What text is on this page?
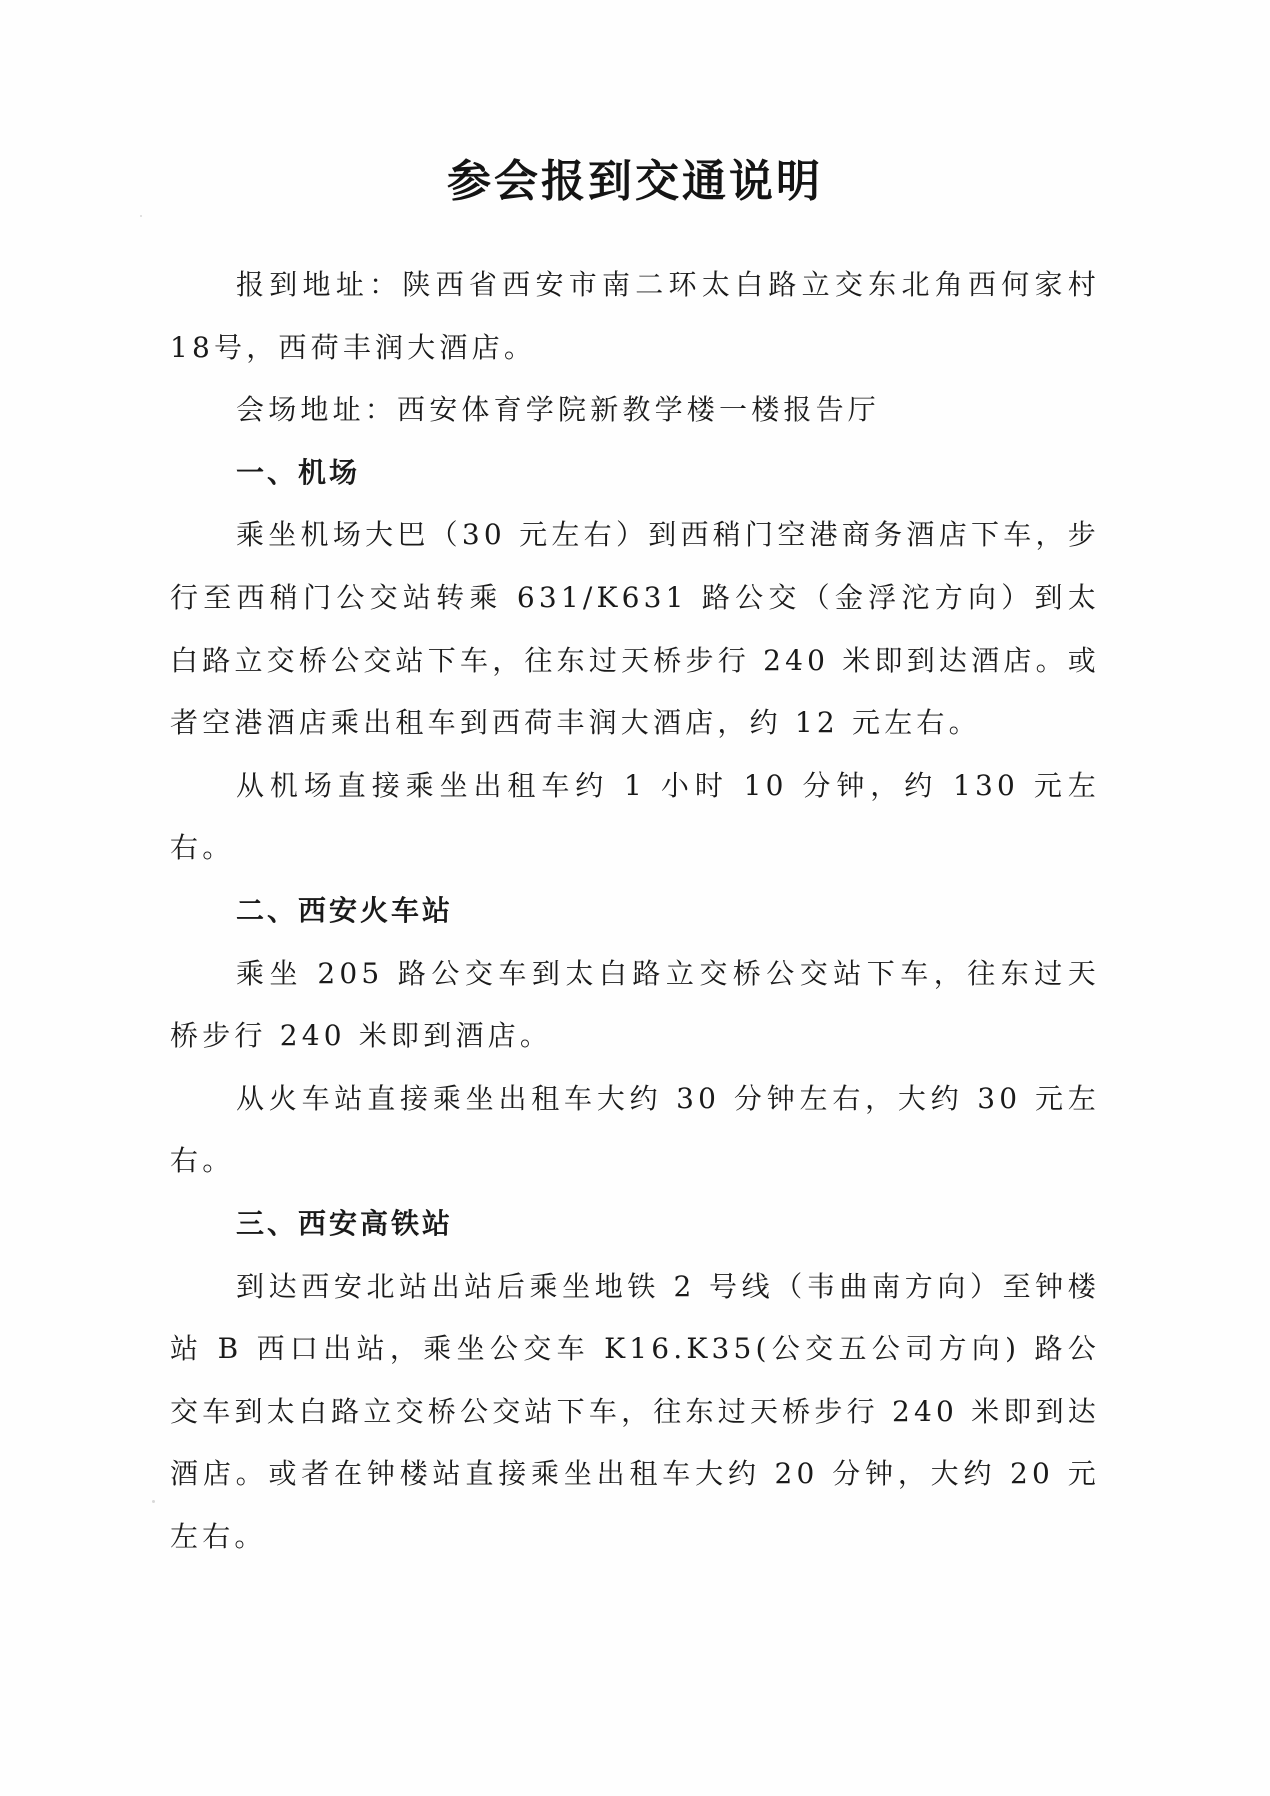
参会报到交通说明

报到地址：陕西省西安市南二环太白路立交东北角西何家村18号，西荷丰润大酒店。

会场地址：西安体育学院新教学楼一楼报告厅

一、机场

乘坐机场大巴（30 元左右）到西稍门空港商务酒店下车，步行至西稍门公交站转乘 631/K631 路公交（金浮沱方向）到太白路立交桥公交站下车，往东过天桥步行 240 米即到达酒店。或者空港酒店乘出租车到西荷丰润大酒店，约 12 元左右。

从机场直接乘坐出租车约 1 小时 10 分钟，约 130 元左右。

二、西安火车站

乘坐 205 路公交车到太白路立交桥公交站下车，往东过天桥步行 240 米即到酒店。

从火车站直接乘坐出租车大约 30 分钟左右，大约 30 元左右。

三、西安高铁站

到达西安北站出站后乘坐地铁 2 号线（韦曲南方向）至钟楼站 B 西口出站，乘坐公交车 K16.K35(公交五公司方向) 路公交车到太白路立交桥公交站下车，往东过天桥步行 240 米即到达酒店。或者在钟楼站直接乘坐出租车大约 20 分钟，大约 20 元左右。
